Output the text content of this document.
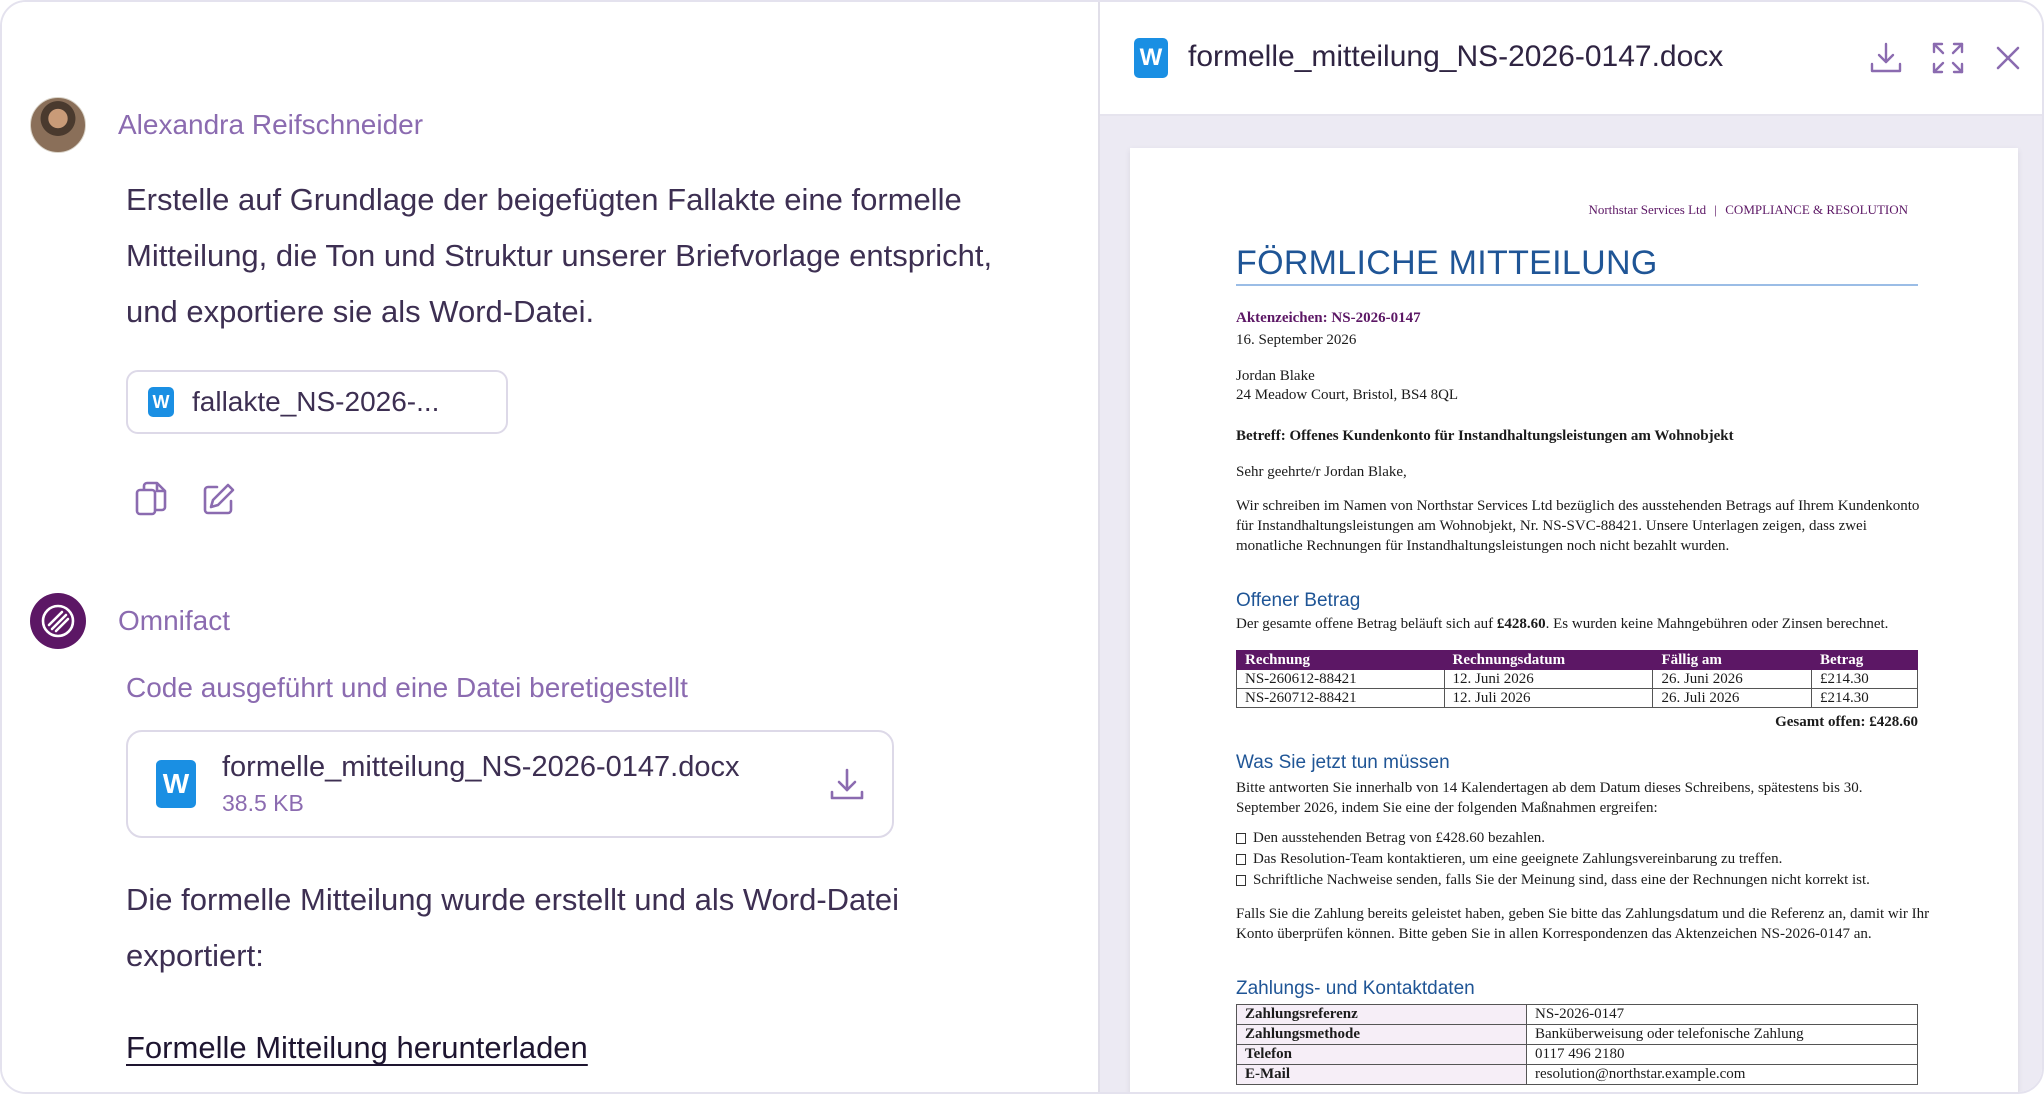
Alexandra Reifschneider
Erstelle auf Grundlage der beigefügten Fallakte eine formelle Mitteilung, die Ton und Struktur unserer Briefvorlage entspricht, und exportiere sie als Word-Datei.
W fallakte_NS-2026-...
Omnifact
Code ausgeführt und eine Datei beretigestellt
W
formelle_mitteilung_NS-2026-0147.docx
38.5 KB
Die formelle Mitteilung wurde erstellt und als Word-Datei exportiert:
Formelle Mitteilung herunterladen
W formelle_mitteilung_NS-2026-0147.docx
Northstar Services Ltd | COMPLIANCE & RESOLUTION
FÖRMLICHE MITTEILUNG
Aktenzeichen: NS-2026-0147
16. September 2026
Jordan Blake
24 Meadow Court, Bristol, BS4 8QL
Betreff: Offenes Kundenkonto für Instandhaltungsleistungen am Wohnobjekt
Sehr geehrte/r Jordan Blake,
Wir schreiben im Namen von Northstar Services Ltd bezüglich des ausstehenden Betrags auf Ihrem Kundenkonto für Instandhaltungsleistungen am Wohnobjekt, Nr. NS-SVC-88421. Unsere Unterlagen zeigen, dass zwei monatliche Rechnungen für Instandhaltungsleistungen noch nicht bezahlt wurden.
Offener Betrag
Der gesamte offene Betrag beläuft sich auf £428.60. Es wurden keine Mahngebühren oder Zinsen berechnet.
Rechnung	Rechnungsdatum	Fällig am	Betrag
NS-260612-88421	12. Juni 2026	26. Juni 2026	£214.30
NS-260712-88421	12. Juli 2026	26. Juli 2026	£214.30
Gesamt offen: £428.60
Was Sie jetzt tun müssen
Bitte antworten Sie innerhalb von 14 Kalendertagen ab dem Datum dieses Schreibens, spätestens bis 30. September 2026, indem Sie eine der folgenden Maßnahmen ergreifen:
Den ausstehenden Betrag von £428.60 bezahlen.
Das Resolution-Team kontaktieren, um eine geeignete Zahlungsvereinbarung zu treffen.
Schriftliche Nachweise senden, falls Sie der Meinung sind, dass eine der Rechnungen nicht korrekt ist.
Falls Sie die Zahlung bereits geleistet haben, geben Sie bitte das Zahlungsdatum und die Referenz an, damit wir Ihr Konto überprüfen können. Bitte geben Sie in allen Korrespondenzen das Aktenzeichen NS-2026-0147 an.
Zahlungs- und Kontaktdaten
Zahlungsreferenz	NS-2026-0147
Zahlungsmethode	Banküberweisung oder telefonische Zahlung
Telefon	0117 496 2180
E-Mail	resolution@northstar.example.com
